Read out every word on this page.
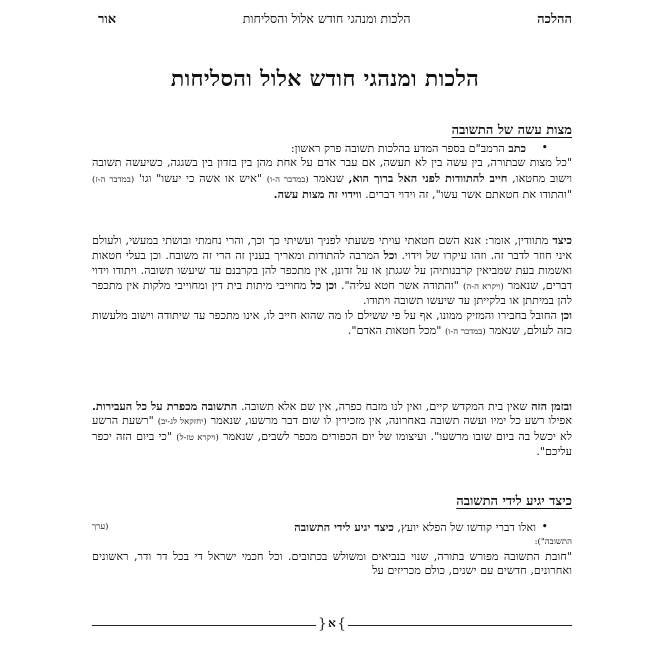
ההלכה
הלכות ומנהגי חודש אלול והסליחות
אור
הלכות ומנהגי חודש אלול והסליחות
מצות עשה של התשובה

•
כתב הרמב"ם בספר המדע בהלכות תשובה פרק ראשון:

"כל מצות שבתורה, בין עשה בין לא תעשה, אם עבר אדם על אחת מהן בין בזדון בין בשגגה, כשיעשה תשובה וישוב מחטאו, חייב להתוודות לפני האל ברוך הוא, שנאמר (במדבר ה-ו) "איש או אשה כי יעשו" וגו' (במדבר ה-ז) "והתודו את חטאתם אשר עשו", זה וידוי דברים. ווידוי זה מצות עשה.

כיצד מתוודין, אומר: אנא השם חטאתי עויתי פשעתי לפניך ועשיתי כך וכך, והרי נחמתי ובושתי במעשי, ולעולם איני חוזר לדבר זה. וזהו עיקרו של וידוי. וכל המרבה להתודות ומאריך בענין זה הרי זה משובח. וכן בעלי חטאות ואשמות בעת שמביאין קרבנותיהן על שגגתן או על זדונן, אין מתכפר להן בקרבנם עד שיעשו תשובה. ויתודו וידוי דברים, שנאמר (ויקרא ה-ה) "והתודה אשר חטא עליה". וכן כל מחוייבי מיתות בית דין ומחוייבי מלקות אין מתכפר להן במיתתן או בלקייתן עד שיעשו תשובה ויתודו.

וכן החובל בחבירו והמזיק ממונו, אף על פי ששילם לו מה שהוא חייב לו, אינו מתכפר עד שיתודה וישוב מלעשות כזה לעולם, שנאמר (במדבר ה-ו) "מכל חטאות האדם".

ובזמן הזה שאין בית המקדש קיים, ואין לנו מזבח כפרה, אין שם אלא תשובה. התשובה מכפרת על כל העבירות. אפילו רשע כל ימיו ועשה תשובה באחרונה, אין מזכירין לו שום דבר מרשעו, שנאמר (יחזקאל לג-יב) "רשעת הרשע לא יכשל בה ביום שובו מרשעו". ועיצומו של יום הכפורים מכפר לשבים, שנאמר (ויקרא טז-ל) "כי ביום הזה יכפר עליכם".

כיצד יגיע לידי התשובה

•
ואלו דברי קודשו של הפלא יועץ, כיצד יגיע לידי התשובה
(ערך

התשובה"):

"חובת התשובה מפורש בתורה, שנוי בנביאים ומשולש בכתובים. וכל חכמי ישראל די בכל דר ודר, ראשונים ואחרונים, חדשים עם ישנים, כולם מכריזים על

{ א }
